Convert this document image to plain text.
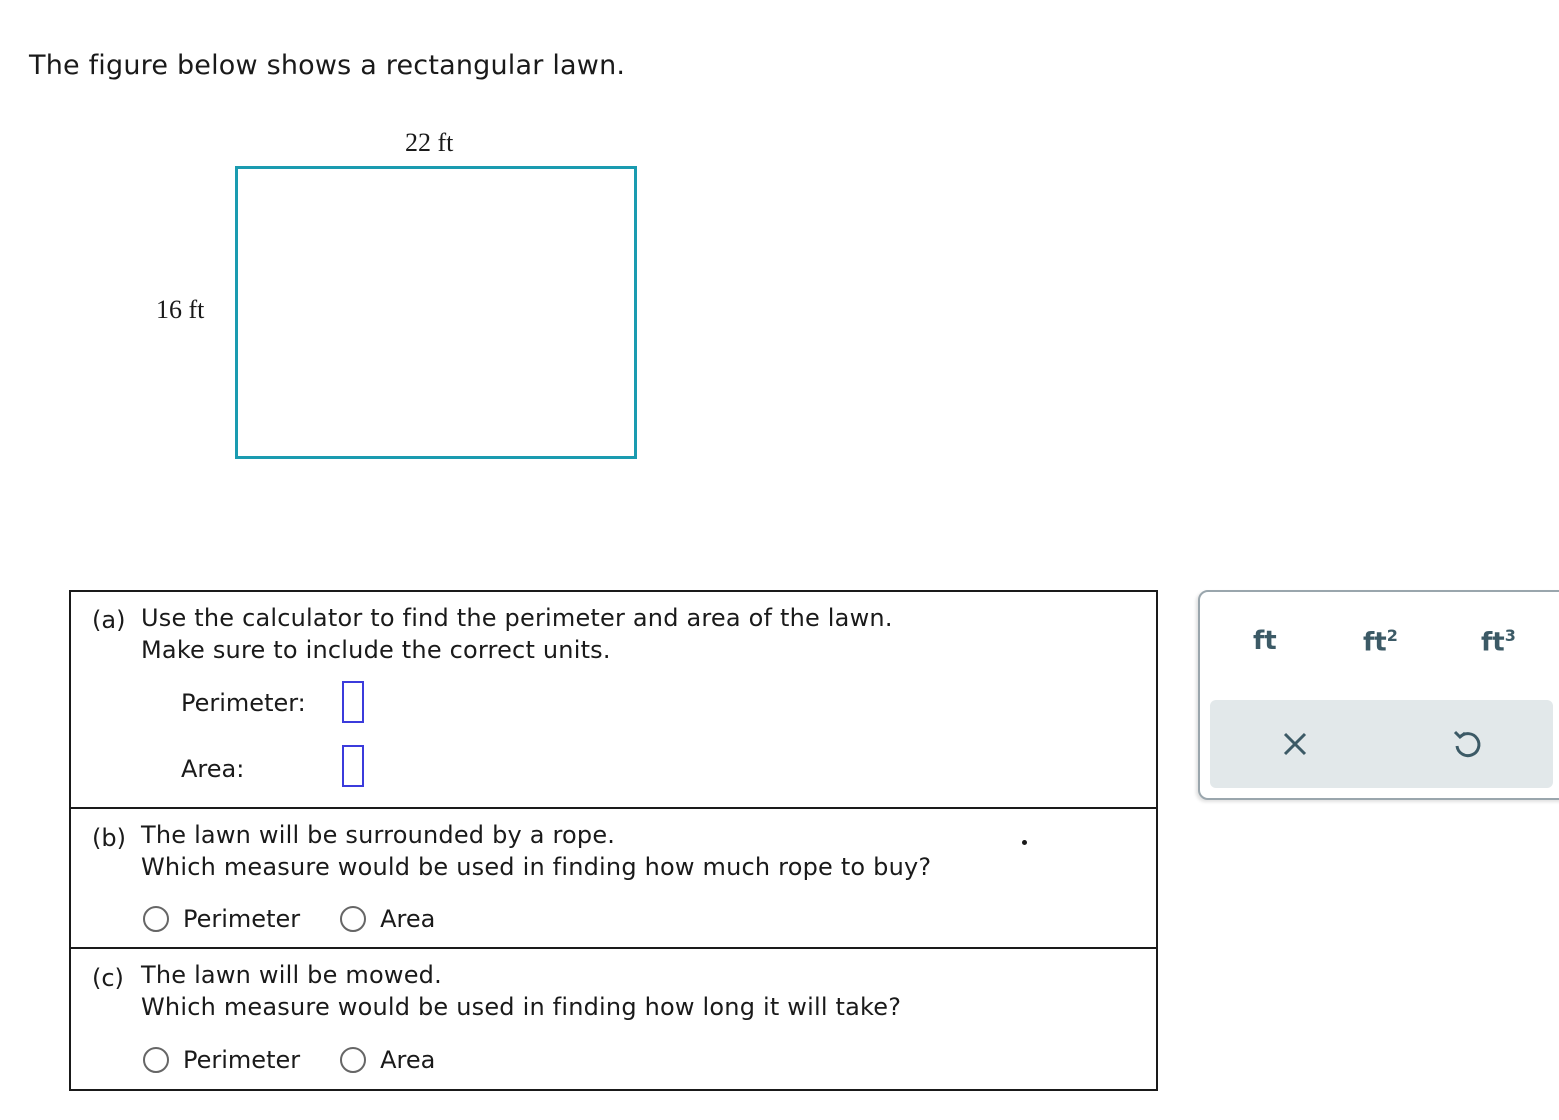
The figure below shows a rectangular lawn.
22 ft
16 ft
(a) Use the calculator to find the perimeter and area of the lawn.
Make sure to include the correct units.
Perimeter:
Area:
(b) The lawn will be surrounded by a rope.
Which measure would be used in finding how much rope to buy?
Perimeter	Area
(c) The lawn will be mowed.
Which measure would be used in finding how long it will take?
Perimeter	Area
ft	$ft^2$	$ft^3$
